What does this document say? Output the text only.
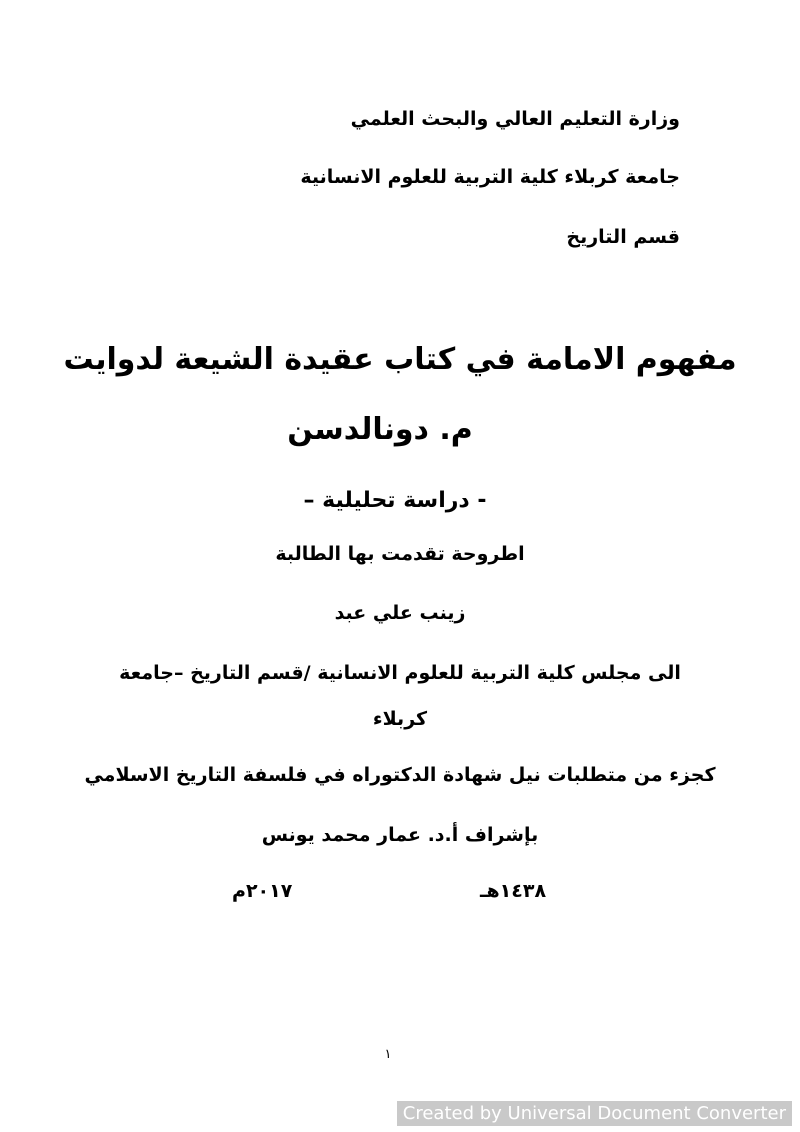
وزارة التعليم العالي والبحث العلمي
جامعة كربلاء كلية التربية للعلوم الانسانية
قسم التاريخ
مفهوم الامامة في كتاب عقيدة الشيعة لدوايت
م. دونالدسن
- دراسة تحليلية –
اطروحة تقدمت بها الطالبة
زينب علي عبد
الى مجلس كلية التربية للعلوم الانسانية /قسم التاريخ –جامعة
كربلاء
كجزء من متطلبات نيل شهادة الدكتوراه في فلسفة التاريخ الاسلامي
بإشراف أ.د. عمار محمد يونس
١٤٣٨هـ
٢٠١٧م
١
Created by Universal Document Converter
